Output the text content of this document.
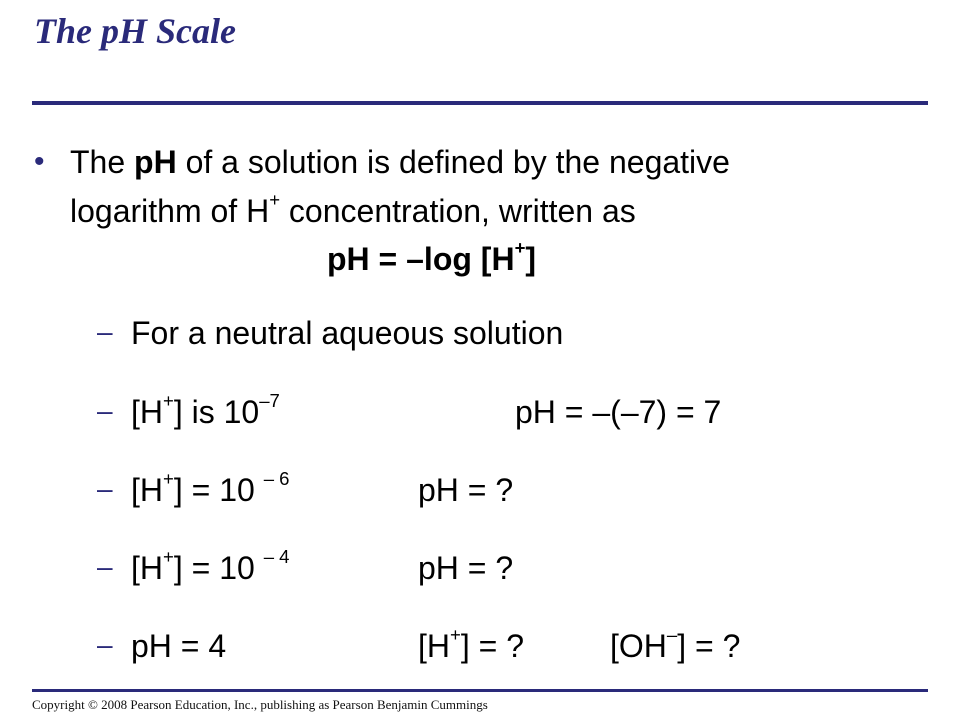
The pH Scale
• The pH of a solution is defined by the negative
logarithm of H+ concentration, written as
pH = –log [H+]
– For a neutral aqueous solution
– [H+] is $10^{-7}$	pH = –(–7) = 7
– [H+] = 10 $^{- 6}$	pH = ?
– [H+] = 10 $^{- 4}$	pH = ?
– pH = 4	[H+] = ?	[OH–] = ?
Copyright © 2008 Pearson Education, Inc., publishing as Pearson Benjamin Cummings
